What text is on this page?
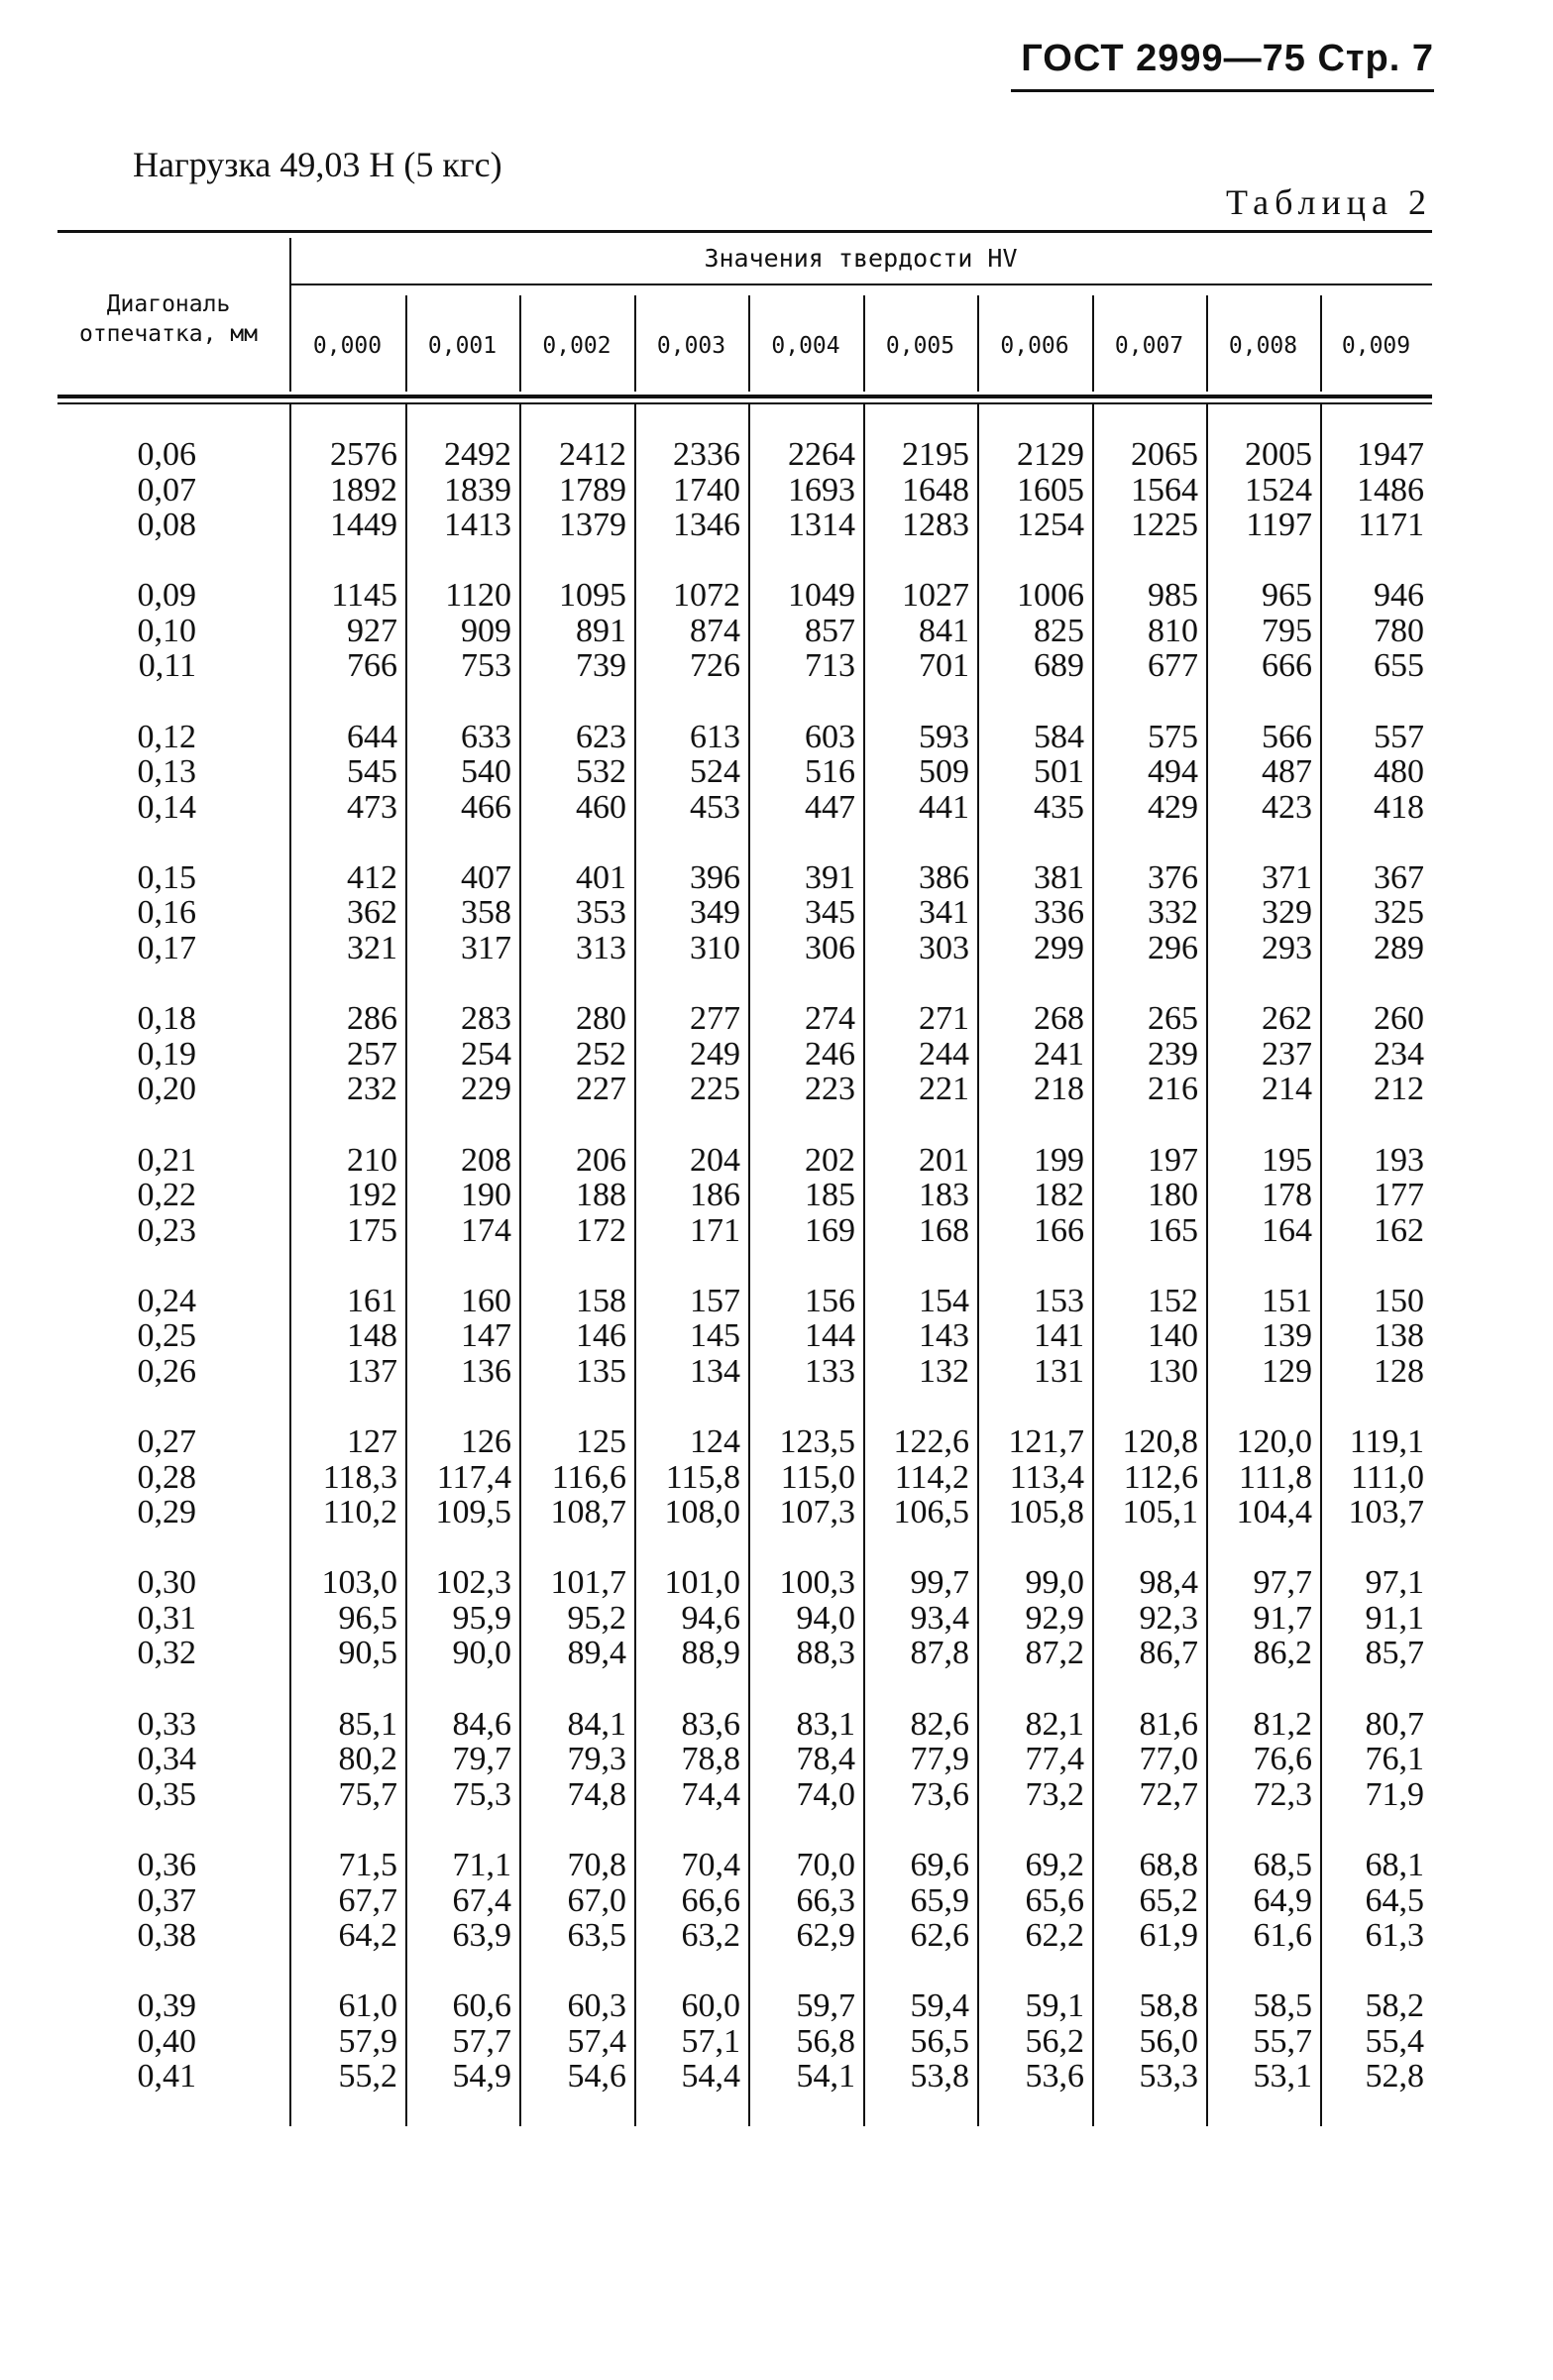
ГОСТ 2999—75 Стр. 7
Нагрузка 49,03 Н (5 кгс)
Таблица 2
Значения твердости HV
Диагональ
отпечатка, мм	0,000	0,001	0,002	0,003	0,004	0,005	0,006	0,007	0,008	0,009
0,06	2576	2492	2412	2336	2264	2195	2129	2065	2005	1947
0,07	1892	1839	1789	1740	1693	1648	1605	1564	1524	1486
0,08	1449	1413	1379	1346	1314	1283	1254	1225	1197	1171
0,09	1145	1120	1095	1072	1049	1027	1006	985	965	946
0,10	927	909	891	874	857	841	825	810	795	780
0,11	766	753	739	726	713	701	689	677	666	655
0,12	644	633	623	613	603	593	584	575	566	557
0,13	545	540	532	524	516	509	501	494	487	480
0,14	473	466	460	453	447	441	435	429	423	418
0,15	412	407	401	396	391	386	381	376	371	367
0,16	362	358	353	349	345	341	336	332	329	325
0,17	321	317	313	310	306	303	299	296	293	289
0,18	286	283	280	277	274	271	268	265	262	260
0,19	257	254	252	249	246	244	241	239	237	234
0,20	232	229	227	225	223	221	218	216	214	212
0,21	210	208	206	204	202	201	199	197	195	193
0,22	192	190	188	186	185	183	182	180	178	177
0,23	175	174	172	171	169	168	166	165	164	162
0,24	161	160	158	157	156	154	153	152	151	150
0,25	148	147	146	145	144	143	141	140	139	138
0,26	137	136	135	134	133	132	131	130	129	128
0,27	127	126	125	124	123,5	122,6	121,7	120,8	120,0	119,1
0,28	118,3	117,4	116,6	115,8	115,0	114,2	113,4	112,6	111,8	111,0
0,29	110,2	109,5	108,7	108,0	107,3	106,5	105,8	105,1	104,4	103,7
0,30	103,0	102,3	101,7	101,0	100,3	99,7	99,0	98,4	97,7	97,1
0,31	96,5	95,9	95,2	94,6	94,0	93,4	92,9	92,3	91,7	91,1
0,32	90,5	90,0	89,4	88,9	88,3	87,8	87,2	86,7	86,2	85,7
0,33	85,1	84,6	84,1	83,6	83,1	82,6	82,1	81,6	81,2	80,7
0,34	80,2	79,7	79,3	78,8	78,4	77,9	77,4	77,0	76,6	76,1
0,35	75,7	75,3	74,8	74,4	74,0	73,6	73,2	72,7	72,3	71,9
0,36	71,5	71,1	70,8	70,4	70,0	69,6	69,2	68,8	68,5	68,1
0,37	67,7	67,4	67,0	66,6	66,3	65,9	65,6	65,2	64,9	64,5
0,38	64,2	63,9	63,5	63,2	62,9	62,6	62,2	61,9	61,6	61,3
0,39	61,0	60,6	60,3	60,0	59,7	59,4	59,1	58,8	58,5	58,2
0,40	57,9	57,7	57,4	57,1	56,8	56,5	56,2	56,0	55,7	55,4
0,41	55,2	54,9	54,6	54,4	54,1	53,8	53,6	53,3	53,1	52,8
